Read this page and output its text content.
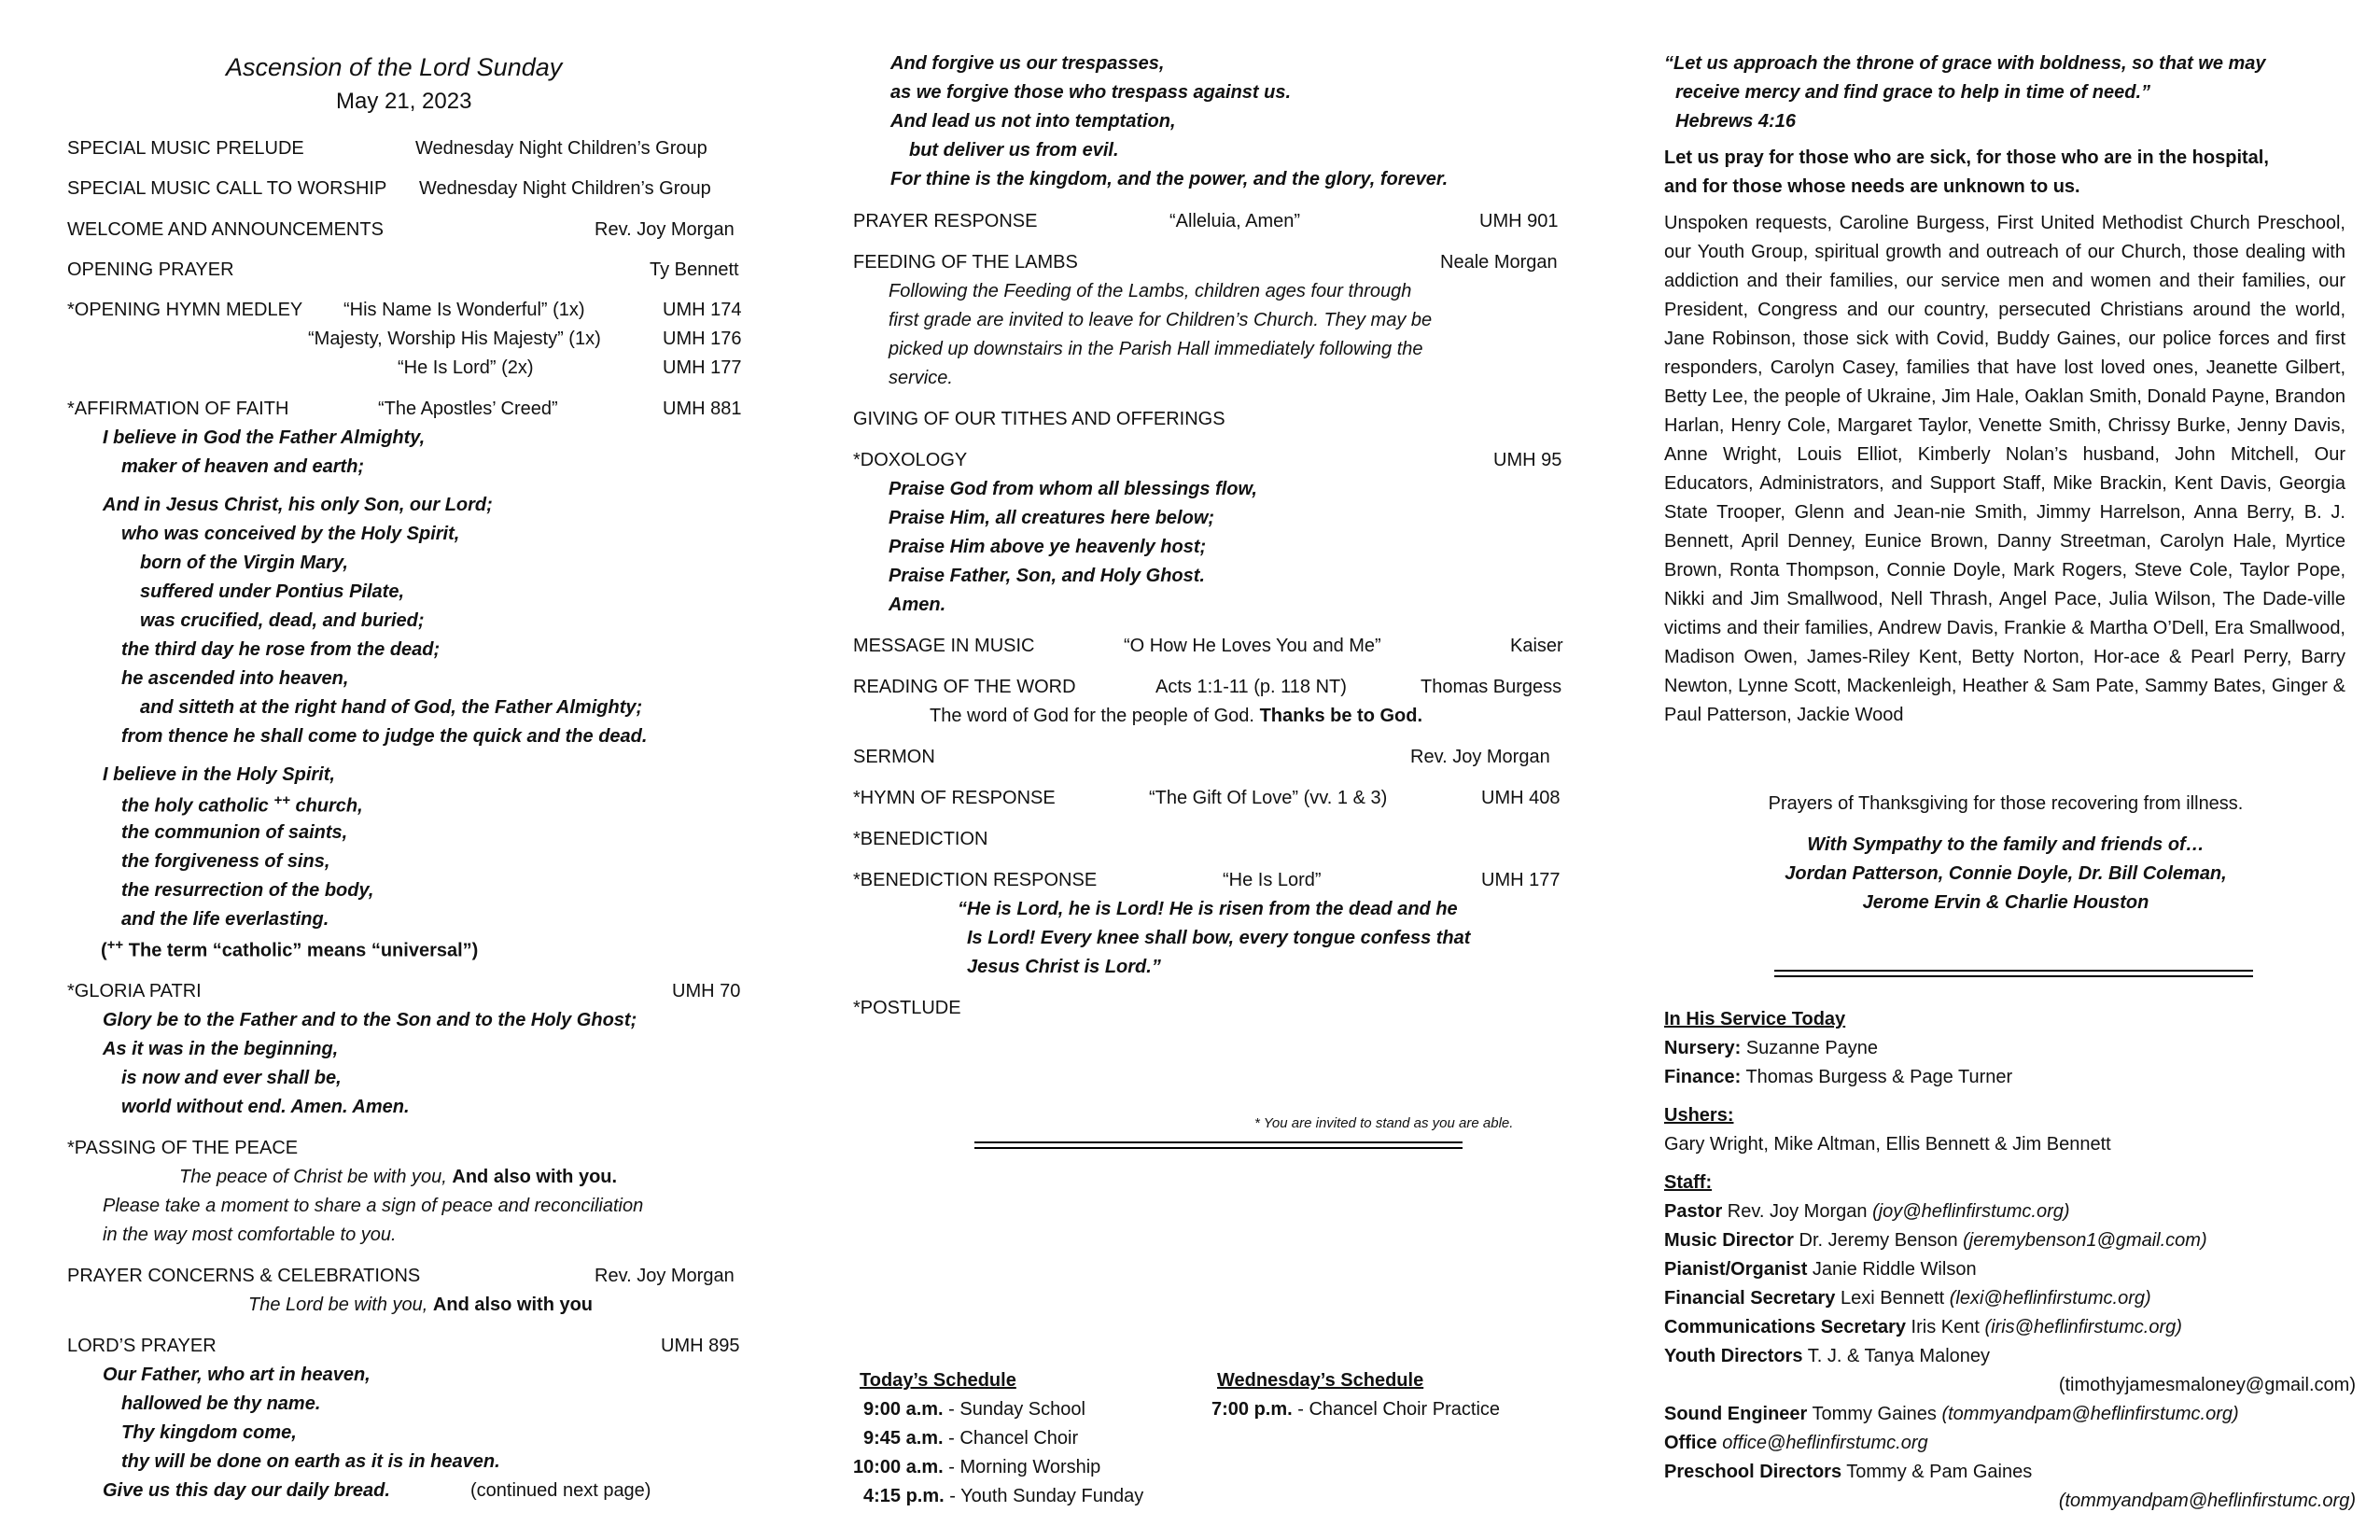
Ascension of the Lord Sunday
May 21, 2023
SPECIAL MUSIC PRELUDE	Wednesday Night Children’s Group
SPECIAL MUSIC CALL TO WORSHIP Wednesday Night Children’s Group
WELCOME AND ANNOUNCEMENTS	Rev. Joy Morgan
OPENING PRAYER	Ty Bennett
*OPENING HYMN MEDLEY “His Name Is Wonderful” (1x)	UMH 174
“Majesty, Worship His Majesty” (1x)	UMH 176
“He Is Lord” (2x)	UMH 177
*AFFIRMATION OF FAITH	“The Apostles’ Creed”	UMH 881
I believe in God the Father Almighty,
maker of heaven and earth;
And in Jesus Christ, his only Son, our Lord;
who was conceived by the Holy Spirit,
born of the Virgin Mary,
suffered under Pontius Pilate,
was crucified, dead, and buried;
the third day he rose from the dead;
he ascended into heaven,
and sitteth at the right hand of God, the Father Almighty;
from thence he shall come to judge the quick and the dead.
I believe in the Holy Spirit,
the holy catholic ++ church,
the communion of saints,
the forgiveness of sins,
the resurrection of the body,
and the life everlasting.
(++ The term “catholic” means “universal”)
*GLORIA PATRI	UMH 70
Glory be to the Father and to the Son and to the Holy Ghost;
As it was in the beginning,
is now and ever shall be,
world without end. Amen. Amen.
*PASSING OF THE PEACE
The peace of Christ be with you, And also with you.
Please take a moment to share a sign of peace and reconciliation
in the way most comfortable to you.
PRAYER CONCERNS & CELEBRATIONS	Rev. Joy Morgan
The Lord be with you, And also with you
LORD’S PRAYER	UMH 895
Our Father, who art in heaven,
hallowed be thy name.
Thy kingdom come,
thy will be done on earth as it is in heaven.
Give us this day our daily bread.	(continued next page)
And forgive us our trespasses,
as we forgive those who trespass against us.
And lead us not into temptation,
but deliver us from evil.
For thine is the kingdom, and the power, and the glory, forever.
PRAYER RESPONSE	“Alleluia, Amen”	UMH 901
FEEDING OF THE LAMBS	Neale Morgan
Following the Feeding of the Lambs, children ages four through
first grade are invited to leave for Children’s Church. They may be
picked up downstairs in the Parish Hall immediately following the
service.
GIVING OF OUR TITHES AND OFFERINGS
*DOXOLOGY	UMH 95
Praise God from whom all blessings flow,
Praise Him, all creatures here below;
Praise Him above ye heavenly host;
Praise Father, Son, and Holy Ghost.
Amen.
MESSAGE IN MUSIC	“O How He Loves You and Me”	Kaiser
READING OF THE WORD	Acts 1:1-11 (p. 118 NT)	Thomas Burgess
The word of God for the people of God. Thanks be to God.
SERMON	Rev. Joy Morgan
*HYMN OF RESPONSE	“The Gift Of Love” (vv. 1 & 3)	UMH 408
*BENEDICTION
*BENEDICTION RESPONSE	“He Is Lord”	UMH 177
“He is Lord, he is Lord! He is risen from the dead and he
Is Lord! Every knee shall bow, every tongue confess that
Jesus Christ is Lord.”
*POSTLUDE
* You are invited to stand as you are able.
Today’s Schedule
9:00 a.m. - Sunday School
9:45 a.m. - Chancel Choir
10:00 a.m. - Morning Worship
4:15 p.m. - Youth Sunday Funday
Wednesday’s Schedule
7:00 p.m. - Chancel Choir Practice
“Let us approach the throne of grace with boldness, so that we may
receive mercy and find grace to help in time of need.”
Hebrews 4:16
Let us pray for those who are sick, for those who are in the hospital,
and for those whose needs are unknown to us.
Unspoken requests, Caroline Burgess, First United Methodist Church Preschool, our Youth Group, spiritual growth and outreach of our Church, those dealing with addiction and their families, our service men and women and their families, our President, Congress and our country, persecuted Christians around the world, Jane Robinson, those sick with Covid, Buddy Gaines, our police forces and first responders, Carolyn Casey, families that have lost loved ones, Jeanette Gilbert, Betty Lee, the people of Ukraine, Jim Hale, Oaklan Smith, Donald Payne, Brandon Harlan, Henry Cole, Margaret Taylor, Venette Smith, Chrissy Burke, Jenny Davis, Anne Wright, Louis Elliot, Kimberly Nolan’s husband, John Mitchell, Our Educators, Administrators, and Support Staff, Mike Brackin, Kent Davis, Georgia State Trooper, Glenn and Jean-nie Smith, Jimmy Harrelson, Anna Berry, B. J. Bennett, April Denney, Eunice Brown, Danny Streetman, Carolyn Hale, Myrtice Brown, Ronta Thompson, Connie Doyle, Mark Rogers, Steve Cole, Taylor Pope, Nikki and Jim Smallwood, Nell Thrash, Angel Pace, Julia Wilson, The Dade-ville victims and their families, Andrew Davis, Frankie & Martha O’Dell, Era Smallwood, Madison Owen, James-Riley Kent, Betty Norton, Hor-ace & Pearl Perry, Barry Newton, Lynne Scott, Mackenleigh, Heather & Sam Pate, Sammy Bates, Ginger & Paul Patterson, Jackie Wood
Prayers of Thanksgiving for those recovering from illness.
With Sympathy to the family and friends of…
Jordan Patterson, Connie Doyle, Dr. Bill Coleman,
Jerome Ervin & Charlie Houston
In His Service Today
Nursery: Suzanne Payne
Finance: Thomas Burgess & Page Turner
Ushers:
Gary Wright, Mike Altman, Ellis Bennett & Jim Bennett
Staff:
Pastor Rev. Joy Morgan (joy@heflinfirstumc.org)
Music Director Dr. Jeremy Benson (jeremybenson1@gmail.com)
Pianist/Organist Janie Riddle Wilson
Financial Secretary Lexi Bennett (lexi@heflinfirstumc.org)
Communications Secretary Iris Kent (iris@heflinfirstumc.org)
Youth Directors T. J. & Tanya Maloney
(timothyjamesmaloney@gmail.com)
Sound Engineer Tommy Gaines (tommyandpam@heflinfirstumc.org)
Office office@heflinfirstumc.org
Preschool Directors Tommy & Pam Gaines
(tommyandpam@heflinfirstumc.org)
